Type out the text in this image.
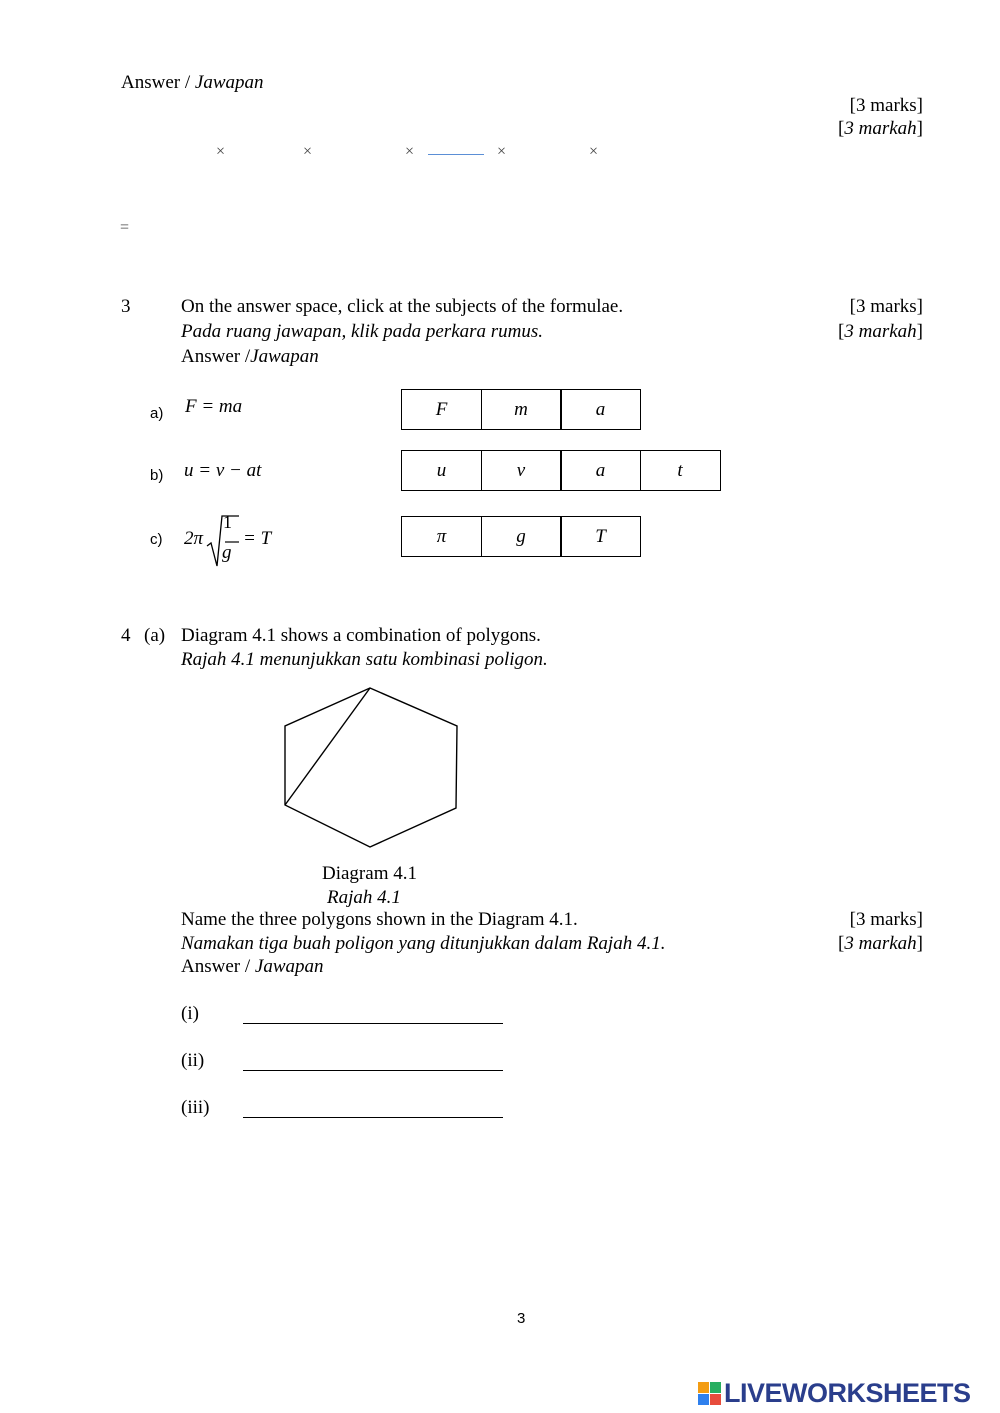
Answer / Jawapan
[3 marks]
[3 markah]
×	×	×	×	×
=
3	On the answer space, click at the subjects of the formulae.
Pada ruang jawapan, klik pada perkara rumus.
[3 marks]
[3 markah]
Answer /Jawapan
a) F = ma	F	m	a
b) u = v − at	u	v	a	t
c) 2π
1
g
= T	π	g	T
4 (a) Diagram 4.1 shows a combination of polygons.
Rajah 4.1 menunjukkan satu kombinasi poligon.
Diagram 4.1
Rajah 4.1
Name the three polygons shown in the Diagram 4.1.
Namakan tiga buah poligon yang ditunjukkan dalam Rajah 4.1.
[3 marks]
[3 markah]
Answer / Jawapan
(i)
(ii)
(iii)
3
LIVEWORKSHEETS
